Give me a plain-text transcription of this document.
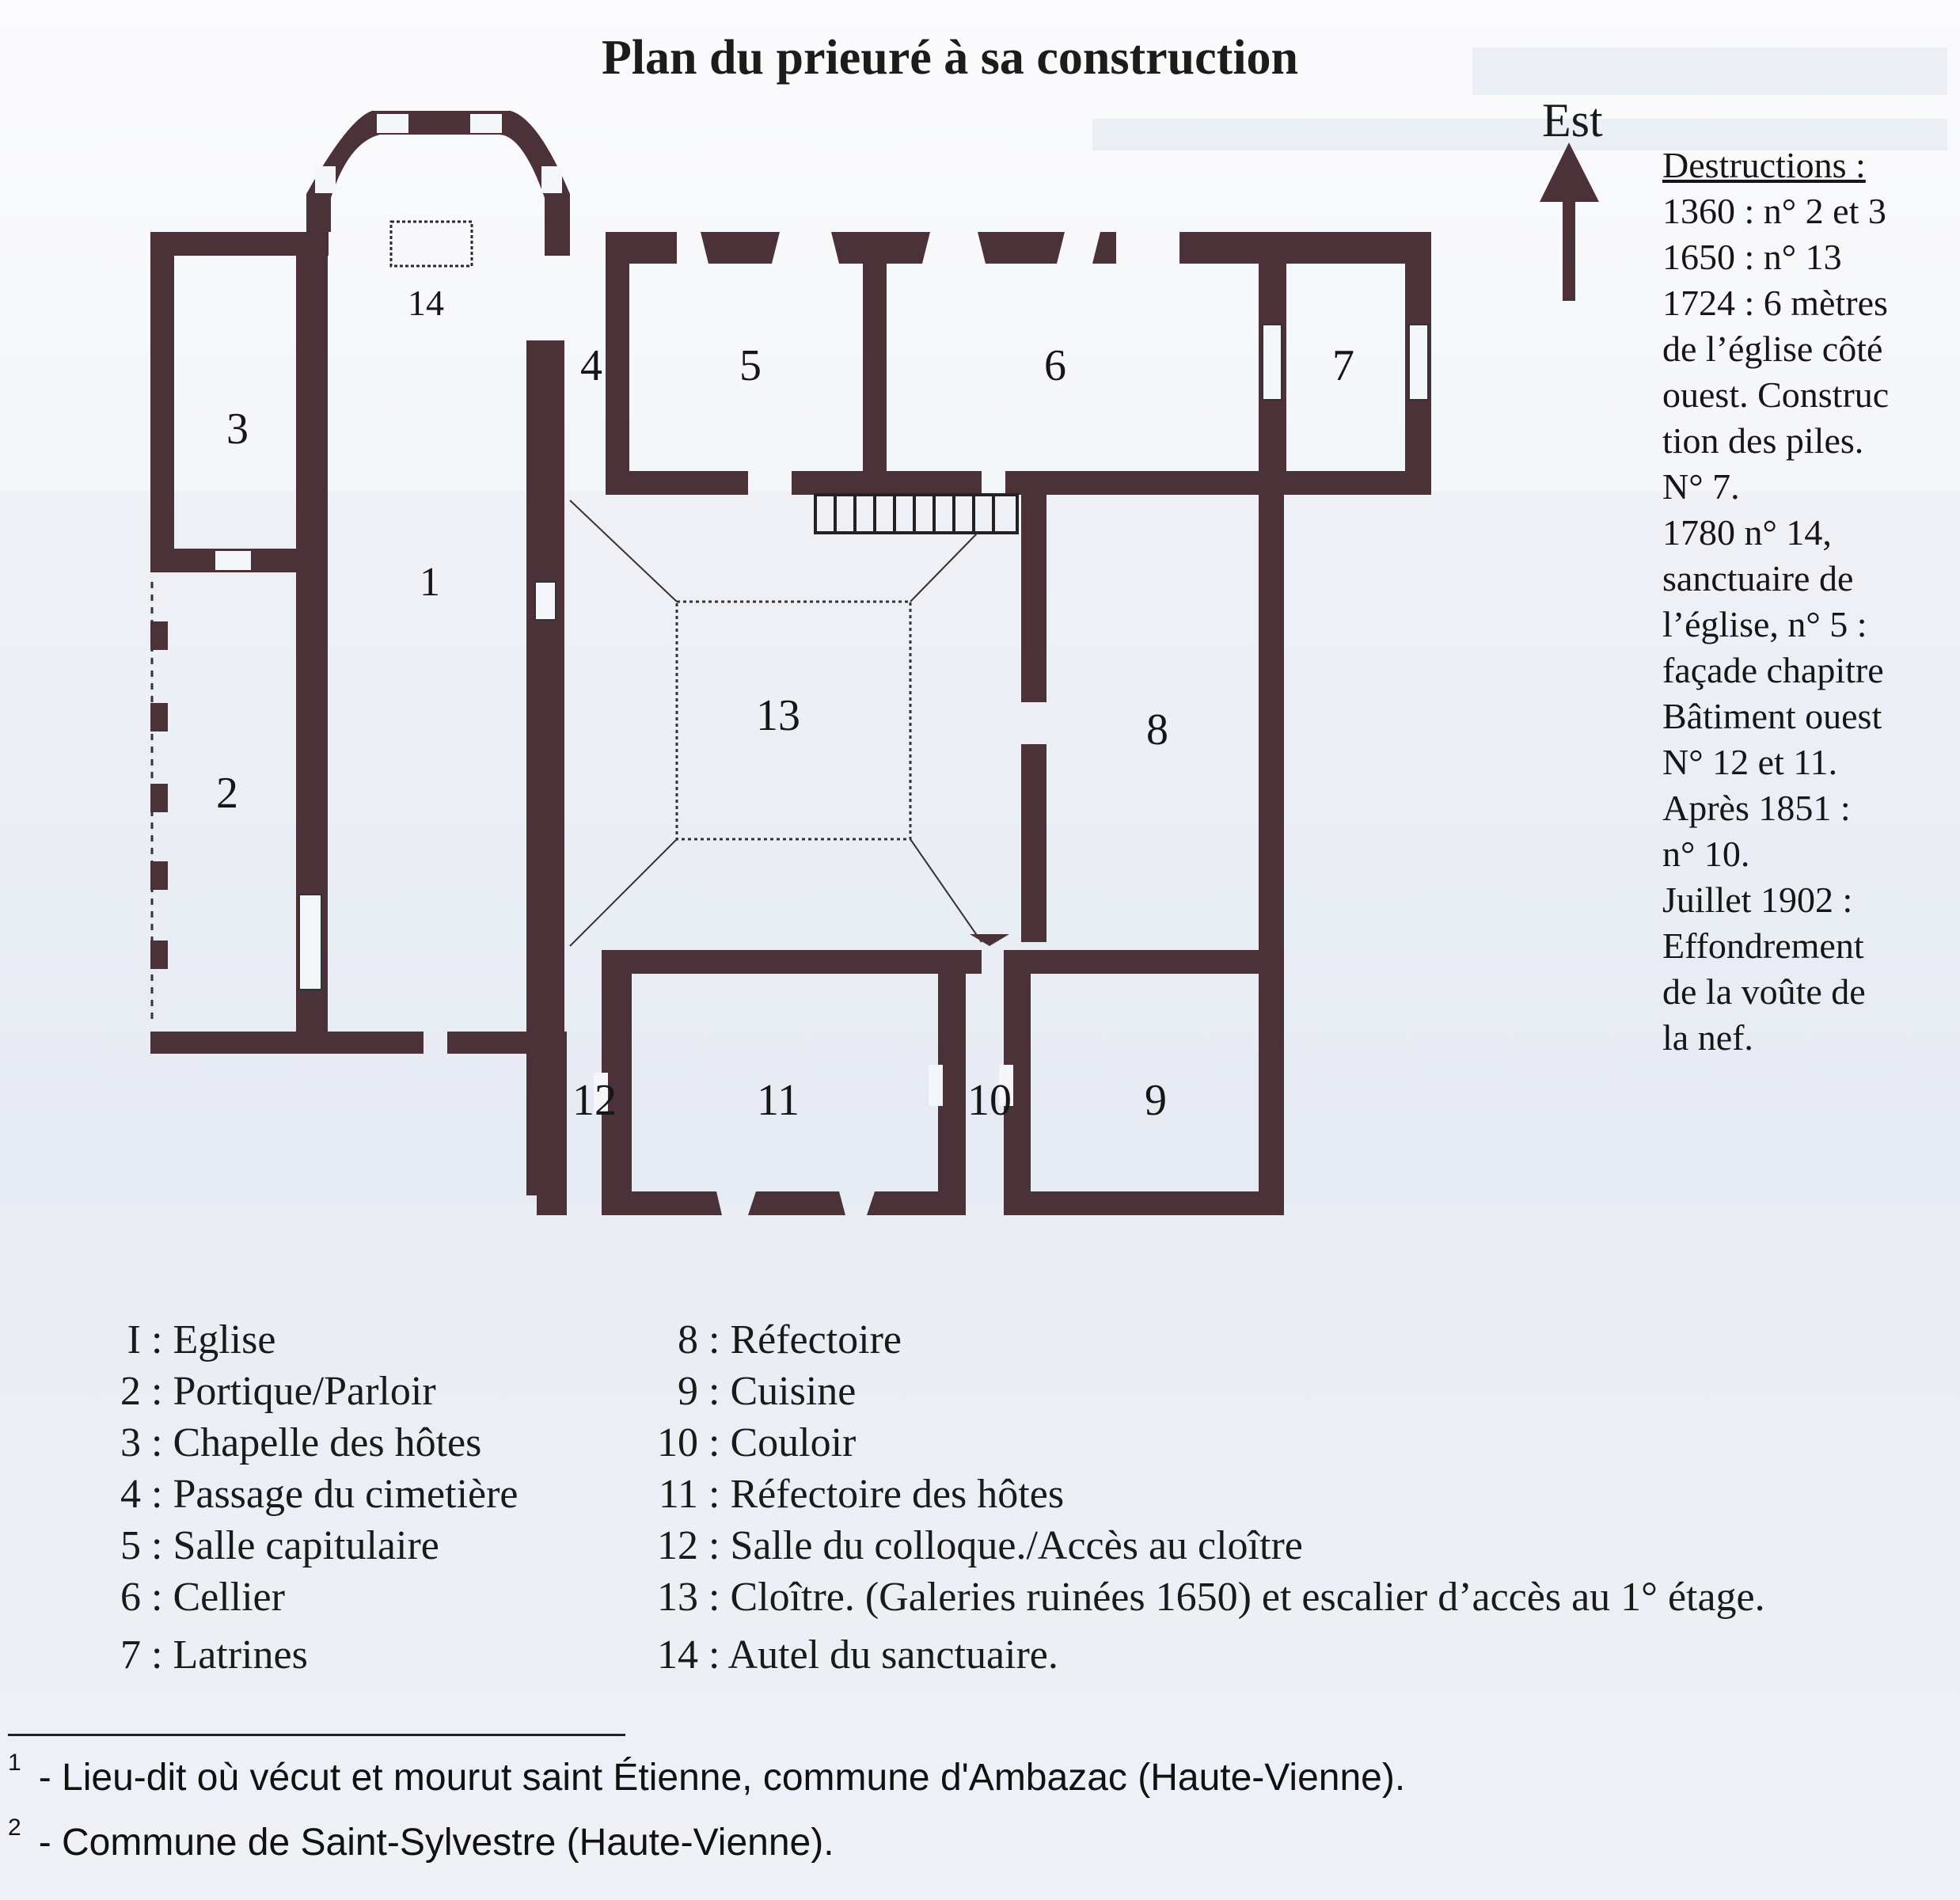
Plan du prieuré à sa construction
14
3
4	5	6	7
1
13
2
8
12	11	10	9
Est
Destructions :
1360 : n° 2 et 3
1650 : n° 13
1724 : 6 mètres
de l’église côté
ouest. Construc
tion des piles.
N° 7.
1780 n° 14,
sanctuaire de
l’église, n° 5 :
façade chapitre
Bâtiment ouest
N° 12 et 11.
Après 1851 :
n° 10.
Juillet 1902 :
Effondrement
de la voûte de
la nef.
I : Eglise
2 : Portique/Parloir
3 : Chapelle des hôtes
4 : Passage du cimetière
5 : Salle capitulaire
6 : Cellier
7 : Latrines
8 : Réfectoire
9 : Cuisine
10 : Couloir
11 : Réfectoire des hôtes
12 : Salle du colloque./Accès au cloître
13 : Cloître. (Galeries ruinées 1650) et escalier d’accès au 1° étage.
14 : Autel du sanctuaire.
$^1$ - Lieu-dit où vécut et mourut saint Étienne, commune d'Ambazac (Haute-Vienne).
$^2$ - Commune de Saint-Sylvestre (Haute-Vienne).
